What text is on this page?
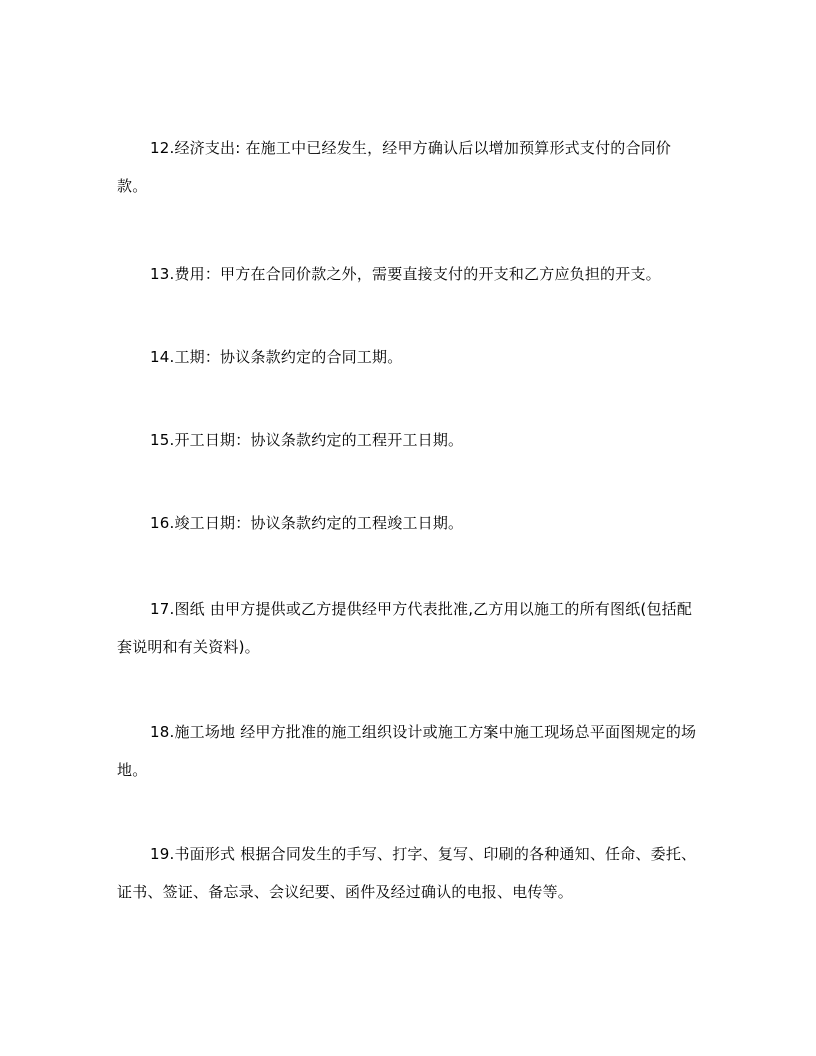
12.经济支出: 在施工中已经发生，经甲方确认后以增加预算形式支付的合同价款。

13.费用：甲方在合同价款之外，需要直接支付的开支和乙方应负担的开支。

14.工期：协议条款约定的合同工期。

15.开工日期：协议条款约定的工程开工日期。

16.竣工日期：协议条款约定的工程竣工日期。

17.图纸 由甲方提供或乙方提供经甲方代表批准,乙方用以施工的所有图纸(包括配套说明和有关资料)。

18.施工场地 经甲方批准的施工组织设计或施工方案中施工现场总平面图规定的场地。

19.书面形式 根据合同发生的手写、打字、复写、印刷的各种通知、任命、委托、证书、签证、备忘录、会议纪要、函件及经过确认的电报、电传等。
